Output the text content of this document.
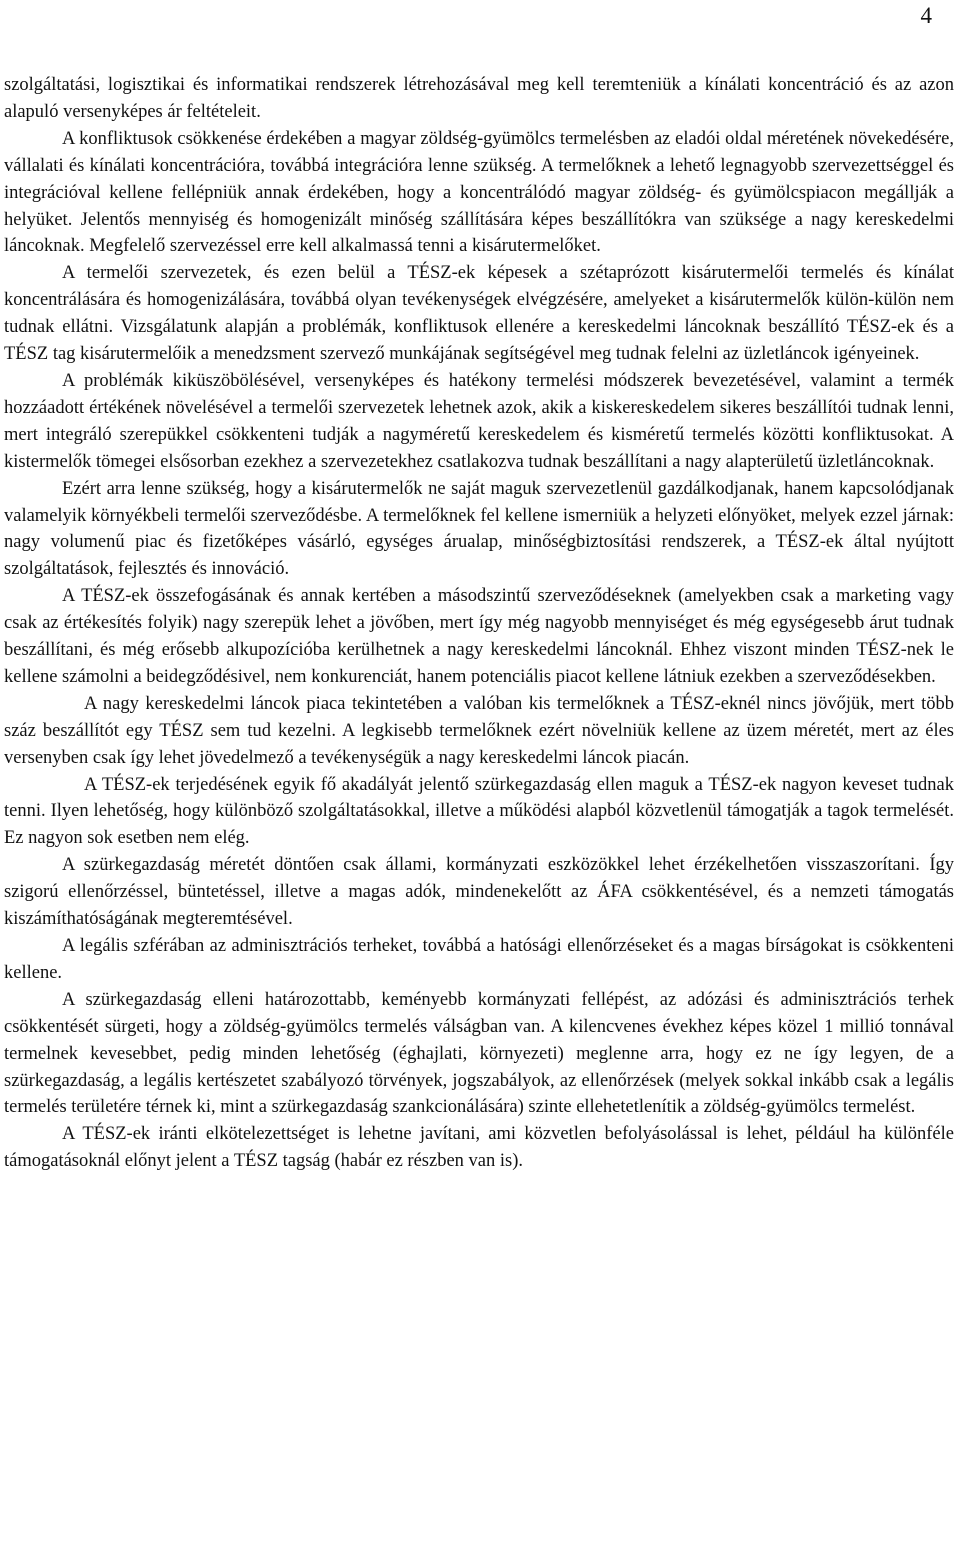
4

szolgáltatási, logisztikai és informatikai rendszerek létrehozásával meg kell teremteniük a kínálati koncentráció és az azon alapuló versenyképes ár feltételeit.

A konfliktusok csökkenése érdekében a magyar zöldség-gyümölcs termelésben az eladói oldal méretének növekedésére, vállalati és kínálati koncentrációra, továbbá integrációra lenne szükség. A termelőknek a lehető legnagyobb szervezettséggel és integrációval kellene fellépniük annak érdekében, hogy a koncentrálódó magyar zöldség- és gyümölcspiacon megállják a helyüket. Jelentős mennyiség és homogenizált minőség szállítására képes beszállítókra van szüksége a nagy kereskedelmi láncoknak. Megfelelő szervezéssel erre kell alkalmassá tenni a kisárutermelőket.

A termelői szervezetek, és ezen belül a TÉSZ-ek képesek a szétaprózott kisárutermelői termelés és kínálat koncentrálására és homogenizálására, továbbá olyan tevékenységek elvégzésére, amelyeket a kisárutermelők külön-külön nem tudnak ellátni. Vizsgálatunk alapján a problémák, konfliktusok ellenére a kereskedelmi láncoknak beszállító TÉSZ-ek és a TÉSZ tag kisárutermelőik a menedzsment szervező munkájának segítségével meg tudnak felelni az üzletláncok igényeinek.

A problémák kiküszöbölésével, versenyképes és hatékony termelési módszerek bevezetésével, valamint a termék hozzáadott értékének növelésével a termelői szervezetek lehetnek azok, akik a kiskereskedelem sikeres beszállítói tudnak lenni, mert integráló szerepükkel csökkenteni tudják a nagyméretű kereskedelem és kisméretű termelés közötti konfliktusokat. A kistermelők tömegei elsősorban ezekhez a szervezetekhez csatlakozva tudnak beszállítani a nagy alapterületű üzletláncoknak.

Ezért arra lenne szükség, hogy a kisárutermelők ne saját maguk szervezetlenül gazdálkodjanak, hanem kapcsolódjanak valamelyik környékbeli termelői szerveződésbe. A termelőknek fel kellene ismerniük a helyzeti előnyöket, melyek ezzel járnak: nagy volumenű piac és fizetőképes vásárló, egységes árualap, minőségbiztosítási rendszerek, a TÉSZ-ek által nyújtott szolgáltatások, fejlesztés és innováció.

A TÉSZ-ek összefogásának és annak kertében a másodszintű szerveződéseknek (amelyekben csak a marketing vagy csak az értékesítés folyik) nagy szerepük lehet a jövőben, mert így még nagyobb mennyiséget és még egységesebb árut tudnak beszállítani, és még erősebb alkupozícióba kerülhetnek a nagy kereskedelmi láncoknál. Ehhez viszont minden TÉSZ-nek le kellene számolni a beidegződésivel, nem konkurenciát, hanem potenciális piacot kellene látniuk ezekben a szerveződésekben.

A nagy kereskedelmi láncok piaca tekintetében a valóban kis termelőknek a TÉSZ-eknél nincs jövőjük, mert több száz beszállítót egy TÉSZ sem tud kezelni. A legkisebb termelőknek ezért növelniük kellene az üzem méretét, mert az éles versenyben csak így lehet jövedelmező a tevékenységük a nagy kereskedelmi láncok piacán.

A TÉSZ-ek terjedésének egyik fő akadályát jelentő szürkegazdaság ellen maguk a TÉSZ-ek nagyon keveset tudnak tenni. Ilyen lehetőség, hogy különböző szolgáltatásokkal, illetve a működési alapból közvetlenül támogatják a tagok termelését. Ez nagyon sok esetben nem elég.

A szürkegazdaság méretét döntően csak állami, kormányzati eszközökkel lehet érzékelhetően visszaszorítani. Így szigorú ellenőrzéssel, büntetéssel, illetve a magas adók, mindenekelőtt az ÁFA csökkentésével, és a nemzeti támogatás kiszámíthatóságának megteremtésével.

A legális szférában az adminisztrációs terheket, továbbá a hatósági ellenőrzéseket és a magas bírságokat is csökkenteni kellene.

A szürkegazdaság elleni határozottabb, keményebb kormányzati fellépést, az adózási és adminisztrációs terhek csökkentését sürgeti, hogy a zöldség-gyümölcs termelés válságban van. A kilencvenes évekhez képes közel 1 millió tonnával termelnek kevesebbet, pedig minden lehetőség (éghajlati, környezeti) meglenne arra, hogy ez ne így legyen, de a szürkegazdaság, a legális kertészetet szabályozó törvények, jogszabályok, az ellenőrzések (melyek sokkal inkább csak a legális termelés területére térnek ki, mint a szürkegazdaság szankcionálására) szinte ellehetetlenítik a zöldség-gyümölcs termelést.

A TÉSZ-ek iránti elkötelezettséget is lehetne javítani, ami közvetlen befolyásolással is lehet, például ha különféle támogatásoknál előnyt jelent a TÉSZ tagság (habár ez részben van is).
